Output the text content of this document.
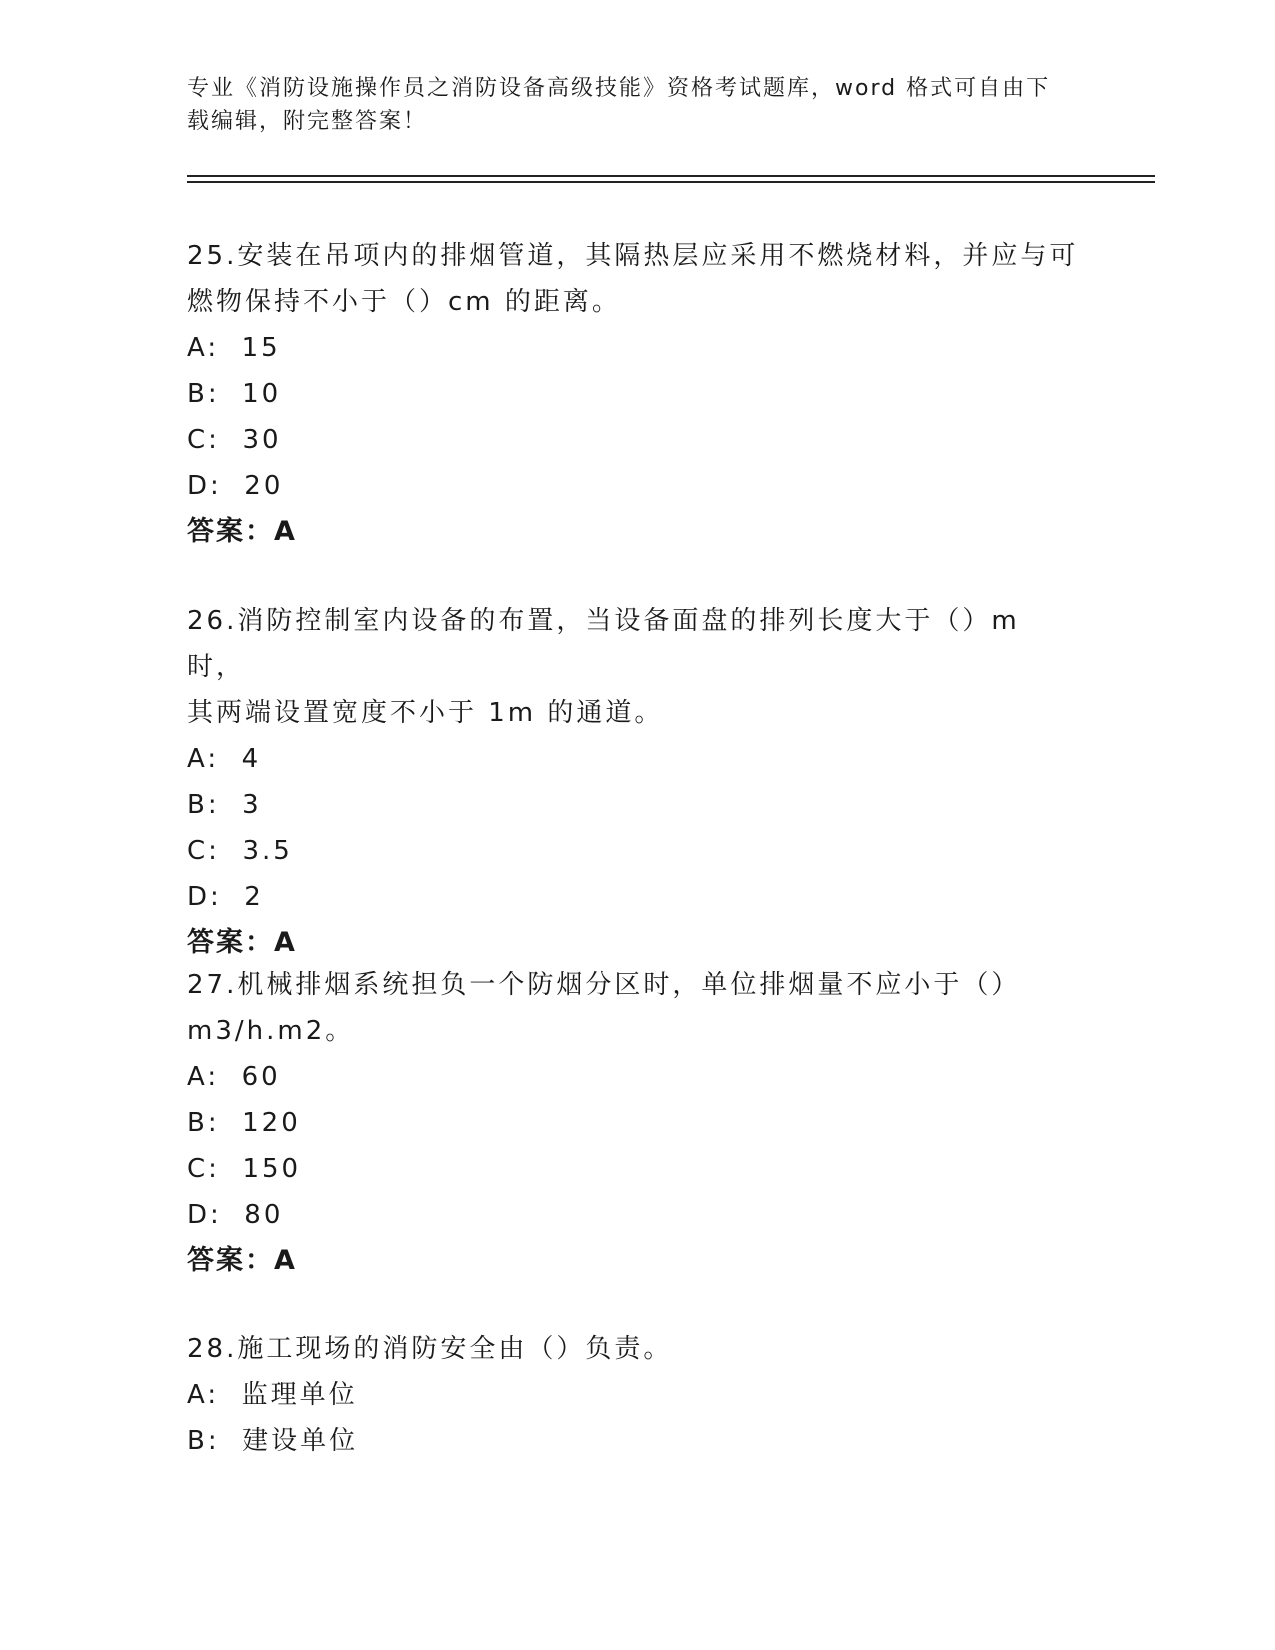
专业《消防设施操作员之消防设备高级技能》资格考试题库，word 格式可自由下
载编辑，附完整答案！

25.安装在吊项内的排烟管道，其隔热层应采用不燃烧材料，并应与可

燃物保持不小于（）cm 的距离。

A:  15

B:  10

C:  30

D:  20

答案：A

26.消防控制室内设备的布置，当设备面盘的排列长度大于（）m 时，

其两端设置宽度不小于 1m 的通道。

A:  4

B:  3

C:  3.5

D:  2

答案：A

27.机械排烟系统担负一个防烟分区时，单位排烟量不应小于（）

m3/h.m2。

A:  60

B:  120

C:  150

D:  80

答案：A

28.施工现场的消防安全由（）负责。

A:  监理单位

B:  建设单位
